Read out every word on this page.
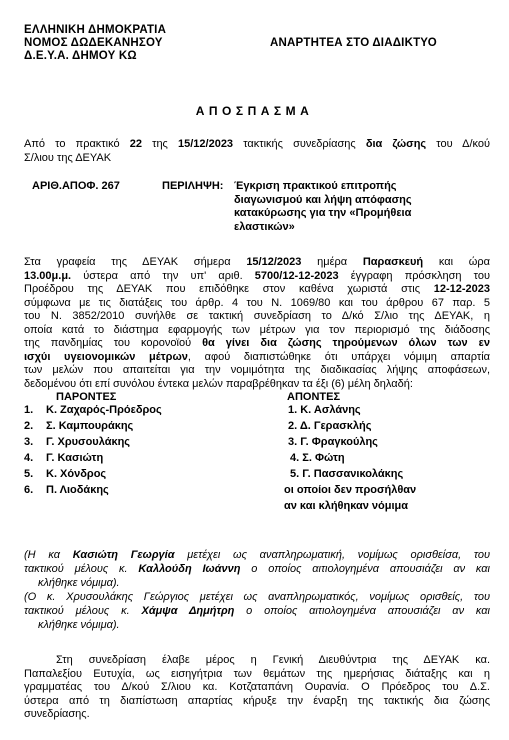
ΕΛΛΗΝΙΚΗ ΔΗΜΟΚΡΑΤΙΑ
ΝΟΜΟΣ ΔΩΔΕΚΑΝΗΣΟΥ
Δ.Ε.Υ.Α. ΔΗΜΟΥ ΚΩ
ΑΝΑΡΤΗΤΕΑ ΣΤΟ ΔΙΑΔΙΚΤΥΟ
ΑΠΟΣΠΑΣΜΑ
Από το πρακτικό 22 της 15/12/2023 τακτικής συνεδρίασης δια ζώσης του Δ/κού
Σ/λιου της ΔΕΥΑΚ
ΑΡΙΘ.ΑΠΟΦ. 267	ΠΕΡΙΛΗΨΗ: Έγκριση πρακτικού επιτροπής
διαγωνισμού και λήψη απόφασης
κατακύρωσης για την «Προμήθεια
ελαστικών»
Στα γραφεία της ΔΕΥΑΚ σήμερα 15/12/2023 ημέρα Παρασκευή και ώρα
13.00μ.μ. ύστερα από την υπ' αριθ. 5700/12-12-2023 έγγραφη πρόσκληση του
Προέδρου της ΔΕΥΑΚ που επιδόθηκε στον καθένα χωριστά στις 12-12-2023
σύμφωνα με τις διατάξεις του άρθρ. 4 του Ν. 1069/80 και του άρθρου 67 παρ. 5
του Ν. 3852/2010 συνήλθε σε τακτική συνεδρίαση το Δ/κό Σ/λιο της ΔΕΥΑΚ, η
οποία κατά το διάστημα εφαρμογής των μέτρων για τον περιορισμό της διάδοσης
της πανδημίας του κορονοϊού θα γίνει δια ζώσης τηρούμενων όλων των εν
ισχύι υγειονομικών μέτρων, αφού διαπιστώθηκε ότι υπάρχει νόμιμη απαρτία
των μελών που απαιτείται για την νομιμότητα της διαδικασίας λήψης αποφάσεων,
δεδομένου ότι επί συνόλου έντεκα μελών παραβρέθηκαν τα έξι (6) μέλη δηλαδή:
ΠΑΡΟΝΤΕΣ
1. Κ. Ζαχαρός-Πρόεδρος
2. Σ. Καμπουράκης
3. Γ. Χρυσουλάκης
4. Γ. Κασιώτη
5. Κ. Χόνδρος
6. Π. Λιοδάκης
ΑΠΟΝΤΕΣ
1. Κ. Ασλάνης
2. Δ. Γερασκλής
3. Γ. Φραγκούλης
4. Σ. Φώτη
5. Γ. Πασσανικολάκης
οι οποίοι δεν προσήλθαν
αν και κλήθηκαν νόμιμα
(Η κα Κασιώτη Γεωργία μετέχει ως αναπληρωματική, νομίμως ορισθείσα, του
τακτικού μέλους κ. Καλλούδη Ιωάννη ο οποίος αιτιολογημένα απουσιάζει αν και
κλήθηκε νόμιμα).
(Ο κ. Χρυσουλάκης Γεώργιος μετέχει ως αναπληρωματικός, νομίμως ορισθείς, του
τακτικού μέλους κ. Χάμψα Δημήτρη ο οποίος αιτιολογημένα απουσιάζει αν και
κλήθηκε νόμιμα).
Στη συνεδρίαση έλαβε μέρος η Γενική Διευθύντρια της ΔΕΥΑΚ κα.
Παπαλεξίου Ευτυχία, ως εισηγήτρια των θεμάτων της ημερήσιας διάταξης και η
γραμματέας του Δ/κού Σ/λιου κα. Κοτζαταπάνη Ουρανία. Ο Πρόεδρος του Δ.Σ.
ύστερα από τη διαπίστωση απαρτίας κήρυξε την έναρξη της τακτικής δια ζώσης
συνεδρίασης.
